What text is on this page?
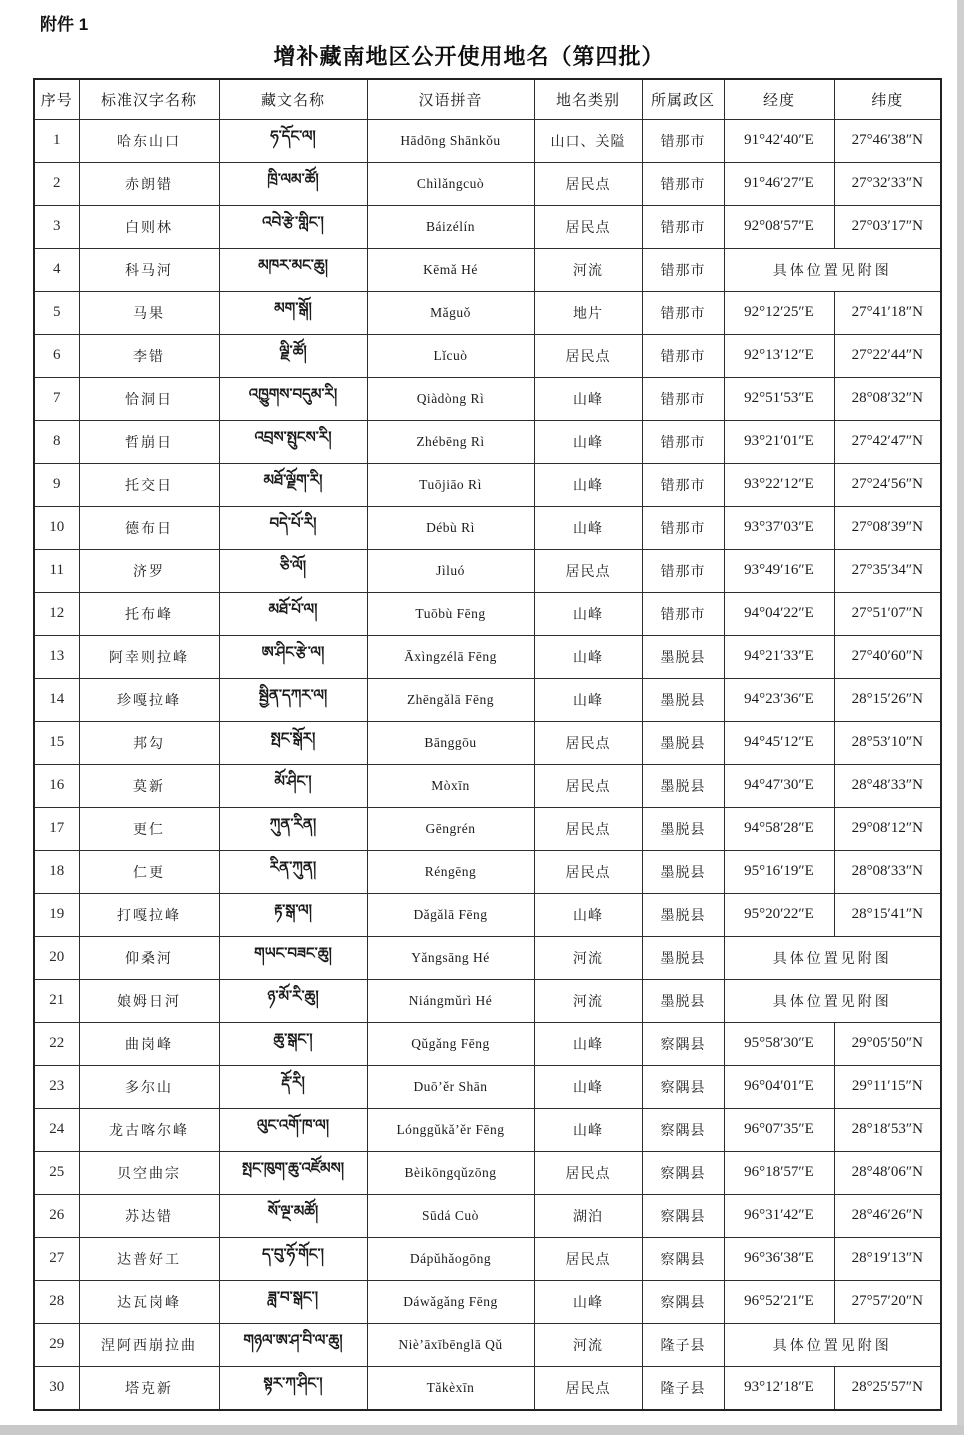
附件 1
增补藏南地区公开使用地名（第四批）
序号	标准汉字名称	藏文名称	汉语拼音	地名类别	所属政区	经度	纬度
1	哈东山口	ཧ་དོང་ལ།	Hādōng Shānkǒu	山口、关隘	错那市	91°42′40″E	27°46′38″N
2	赤朗错	ཁྲི་ལམ་ཚོ།	Chìlǎngcuò	居民点	错那市	91°46′27″E	27°32′33″N
3	白则林	འབེ་རྩེ་གླིང་།	Báizélín	居民点	错那市	92°08′57″E	27°03′17″N
4	科马河	མཁར་མང་ཆུ།	Kēmǎ Hé	河流	错那市	具体位置见附图	
5	马果	མག་སྒོ།	Mǎguǒ	地片	错那市	92°12′25″E	27°41′18″N
6	李错	ལྗི་ཚོ།	Lǐcuò	居民点	错那市	92°13′12″E	27°22′44″N
7	恰洞日	འཁྱུགས་བདུམ་རི།	Qiàdòng Rì	山峰	错那市	92°51′53″E	28°08′32″N
8	哲崩日	འབྲས་སྤུངས་རི།	Zhébēng Rì	山峰	错那市	93°21′01″E	27°42′47″N
9	托交日	མཐོ་ལྗོག་རི།	Tuōjiāo Rì	山峰	错那市	93°22′12″E	27°24′56″N
10	德布日	བདེ་པོ་རི།	Débù Rì	山峰	错那市	93°37′03″E	27°08′39″N
11	济罗	ཅི་ལོ།	Jìluó	居民点	错那市	93°49′16″E	27°35′34″N
12	托布峰	མཐོ་པོ་ལ།	Tuōbù Fēng	山峰	错那市	94°04′22″E	27°51′07″N
13	阿幸则拉峰	ཨ་ཤིང་རྩེ་ལ།	Āxìngzélā Fēng	山峰	墨脱县	94°21′33″E	27°40′60″N
14	珍嘎拉峰	སྦྱིན་དཀར་ལ།	Zhēngǎlā Fēng	山峰	墨脱县	94°23′36″E	28°15′26″N
15	邦勾	སྤང་སྒོར།	Bānggōu	居民点	墨脱县	94°45′12″E	28°53′10″N
16	莫新	མོ་ཤིང་།	Mòxīn	居民点	墨脱县	94°47′30″E	28°48′33″N
17	更仁	ཀུན་རིན།	Gēngrén	居民点	墨脱县	94°58′28″E	29°08′12″N
18	仁更	རིན་ཀུན།	Réngēng	居民点	墨脱县	95°16′19″E	28°08′33″N
19	打嘎拉峰	རྟ་སྒ་ལ།	Dǎgǎlā Fēng	山峰	墨脱县	95°20′22″E	28°15′41″N
20	仰桑河	གཡང་བཟང་ཆུ།	Yǎngsāng Hé	河流	墨脱县	具体位置见附图	
21	娘姆日河	ཉ་མོ་རི་ཆུ།	Niángmǔrì Hé	河流	墨脱县	具体位置见附图	
22	曲岗峰	ཆུ་སྒང་།	Qǔgǎng Fēng	山峰	察隅县	95°58′30″E	29°05′50″N
23	多尔山	རྡོ་རི།	Duō’ěr Shān	山峰	察隅县	96°04′01″E	29°11′15″N
24	龙古喀尔峰	ལུང་འགོ་ཁ་ལ།	Lónggǔkǎ’ěr Fēng	山峰	察隅县	96°07′35″E	28°18′53″N
25	贝空曲宗	སྤང་ཁུག་ཆུ་འཛོམས།	Bèikōngqǔzōng	居民点	察隅县	96°18′57″E	28°48′06″N
26	苏达错	སོ་ལྔ་མཚོ།	Sūdá Cuò	湖泊	察隅县	96°31′42″E	28°46′26″N
27	达普好工	ད་བུ་ཧོ་གོང་།	Dápǔhǎogōng	居民点	察隅县	96°36′38″E	28°19′13″N
28	达瓦岗峰	ཟླ་བ་སྒང་།	Dáwǎgǎng Fēng	山峰	察隅县	96°52′21″E	27°57′20″N
29	涅阿西崩拉曲	གཉལ་ཨ་ཤ་བི་ལ་ཆུ།	Niè’āxībēnglā Qǔ	河流	隆子县	具体位置见附图	
30	塔克新	སྟར་ཀ་ཤིང་།	Tǎkèxīn	居民点	隆子县	93°12′18″E	28°25′57″N
